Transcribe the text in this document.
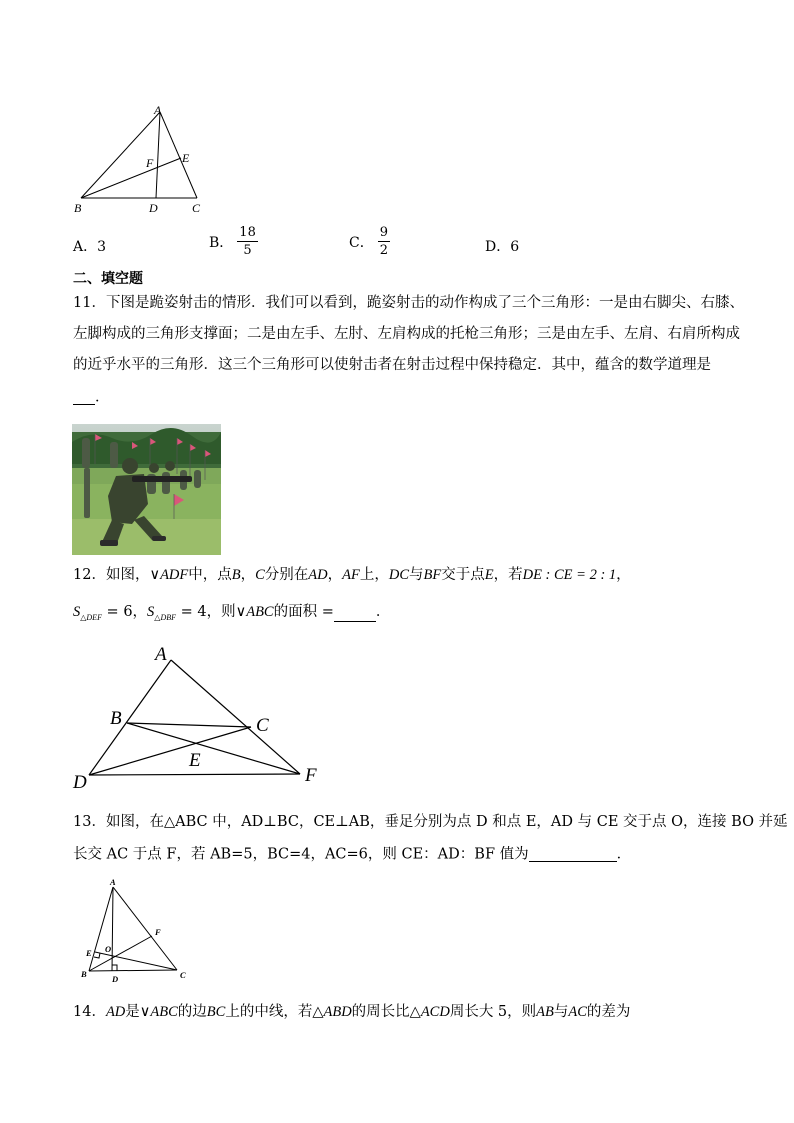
A
B	C
D
E
F
A．3	B． $\frac{18}{5}$	C． $\frac{9}{2}$	D．6
二、填空题
11．下图是跪姿射击的情形．我们可以看到，跪姿射击的动作构成了三个三角形：一是由右脚尖、右膝、
左脚构成的三角形支撑面；二是由左手、左肘、左肩构成的托枪三角形；三是由左手、左肩、右肩所构成
的近乎水平的三角形．这三个三角形可以使射击者在射击过程中保持稳定．其中，蕴含的数学道理是
．
12．如图，∨ADF中，点B，C分别在AD，AF上，DC与BF交于点E，若DE : CE = 2 : 1，
$S_{\triangle DEF} = 6$，$S_{\triangle DBF} = 4$，则∨ABC的面积 =	．
A
B	C
D
E
F
13．如图，在△ABC 中，AD⊥BC，CE⊥AB，垂足分别为点 D 和点 E，AD 与 CE 交于点 O，连接 BO 并延
长交 AC 于点 F，若 AB=5，BC=4，AC=6，则 CE：AD：BF 值为	．
A
B	C
D
E
F
O
14．AD是∨ABC的边BC上的中线，若△ABD的周长比△ACD周长大 5，则AB与AC的差为
